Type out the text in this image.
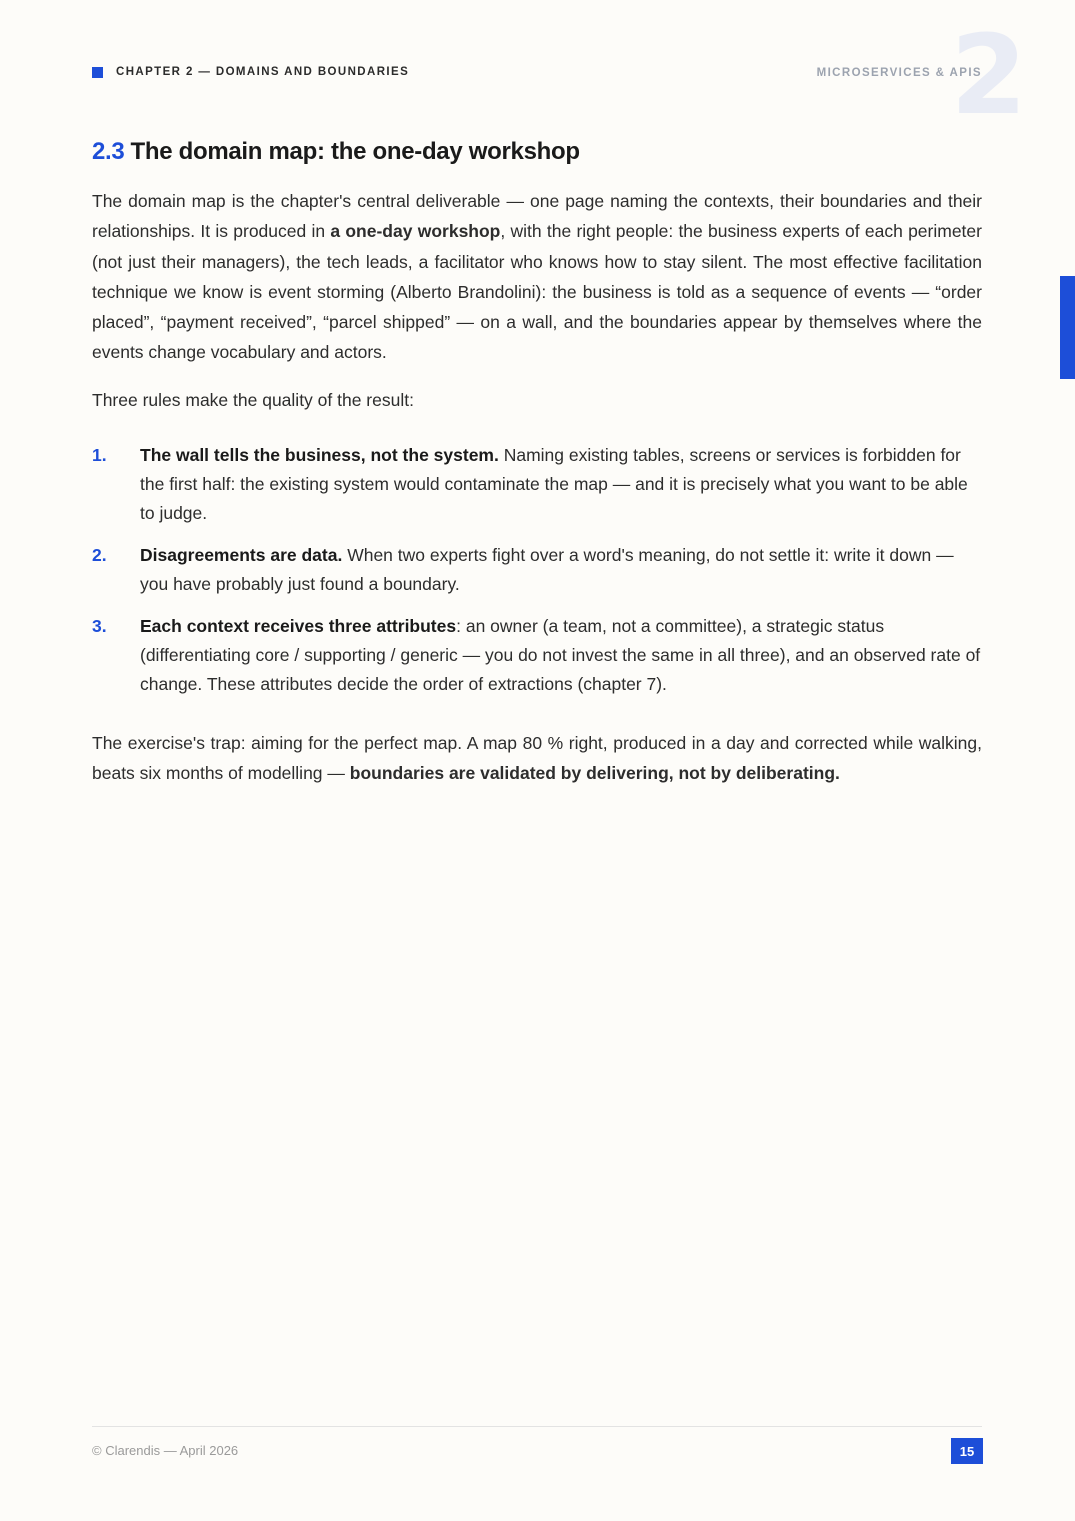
CHAPTER 2 — DOMAINS AND BOUNDARIES	2
MICROSERVICES & APIS
2.3 The domain map: the one-day workshop

The domain map is the chapter's central deliverable — one page naming the contexts, their boundaries and their relationships. It is produced in a one-day workshop, with the right people: the business experts of each perimeter (not just their managers), the tech leads, a facilitator who knows how to stay silent. The most effective facilitation technique we know is event storming (Alberto Brandolini): the business is told as a sequence of events — “order placed”, “payment received”, “parcel shipped” — on a wall, and the boundaries appear by themselves where the events change vocabulary and actors.

Three rules make the quality of the result:

1. The wall tells the business, not the system. Naming existing tables, screens or services is forbidden for the first half: the existing system would contaminate the map — and it is precisely what you want to be able to judge.
2. Disagreements are data. When two experts fight over a word's meaning, do not settle it: write it down — you have probably just found a boundary.
3. Each context receives three attributes: an owner (a team, not a committee), a strategic status (differentiating core / supporting / generic — you do not invest the same in all three), and an observed rate of change. These attributes decide the order of extractions (chapter 7).

The exercise's trap: aiming for the perfect map. A map 80 % right, produced in a day and corrected while walking, beats six months of modelling — boundaries are validated by delivering, not by deliberating.

© Clarendis — April 2026	15
